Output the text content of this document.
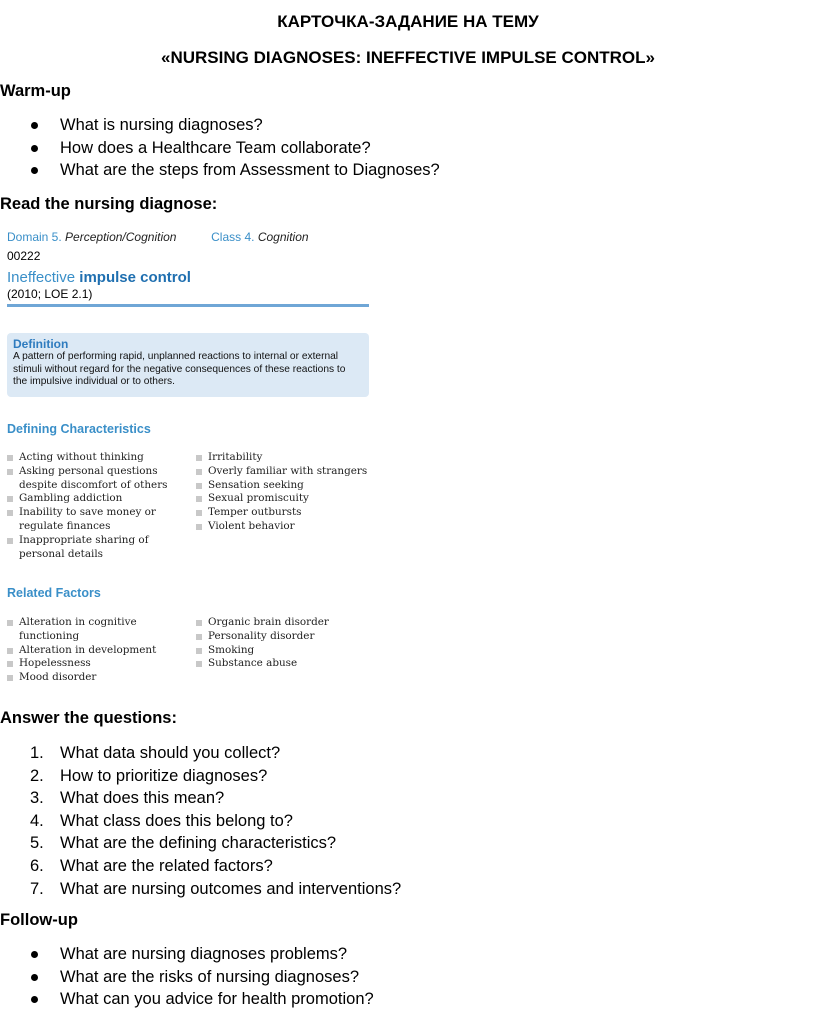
КАРТОЧКА-ЗАДАНИЕ НА ТЕМУ
«NURSING DIAGNOSES: INEFFECTIVE IMPULSE CONTROL»
Warm-up
What is nursing diagnoses?
How does a Healthcare Team collaborate?
What are the steps from Assessment to Diagnoses?
Read the nursing diagnose:
Domain 5. Perception/Cognition	Class 4. Cognition
00222
Ineffective impulse control
(2010; LOE 2.1)
Definition
A pattern of performing rapid, unplanned reactions to internal or external stimuli without regard for the negative consequences of these reactions to the impulsive individual or to others.
Defining Characteristics
Acting without thinking
Asking personal questions despite discomfort of others
Gambling addiction
Inability to save money or regulate finances
Inappropriate sharing of personal details
Irritability
Overly familiar with strangers
Sensation seeking
Sexual promiscuity
Temper outbursts
Violent behavior
Related Factors
Alteration in cognitive functioning
Alteration in development
Hopelessness
Mood disorder
Organic brain disorder
Personality disorder
Smoking
Substance abuse
Answer the questions:
1. What data should you collect?
2. How to prioritize diagnoses?
3. What does this mean?
4. What class does this belong to?
5. What are the defining characteristics?
6. What are the related factors?
7. What are nursing outcomes and interventions?
Follow-up
What are nursing diagnoses problems?
What are the risks of nursing diagnoses?
What can you advice for health promotion?
